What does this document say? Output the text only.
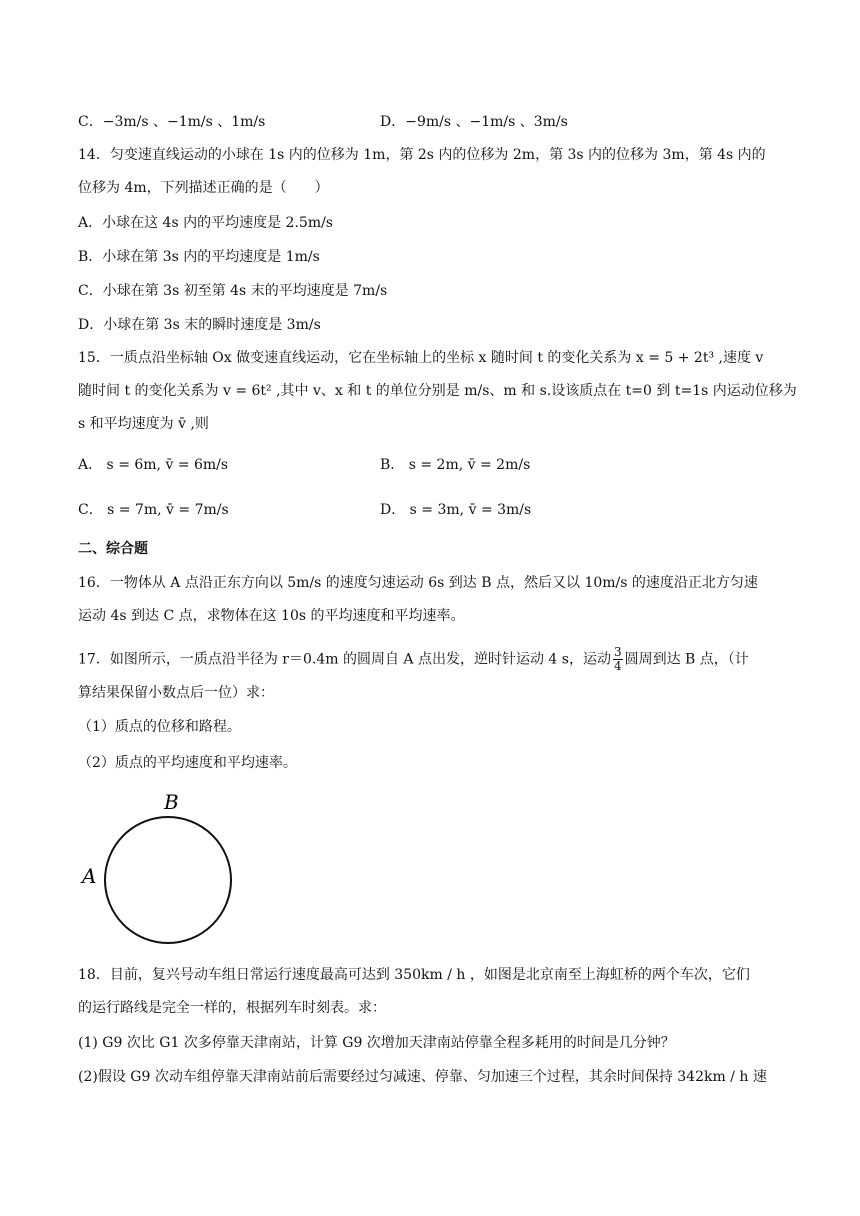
C．−3m/s 、−1m/s 、1m/s	D．−9m/s 、−1m/s 、3m/s
14．匀变速直线运动的小球在 1s 内的位移为 1m，第 2s 内的位移为 2m，第 3s 内的位移为 3m，第 4s 内的
位移为 4m，下列描述正确的是（　　）
A．小球在这 4s 内的平均速度是 2.5m/s
B．小球在第 3s 内的平均速度是 1m/s
C．小球在第 3s 初至第 4s 末的平均速度是 7m/s
D．小球在第 3s 末的瞬时速度是 3m/s
15．一质点沿坐标轴 Ox 做变速直线运动，它在坐标轴上的坐标 x 随时间 t 的变化关系为 x = 5 + 2t³ ,速度 v
随时间 t 的变化关系为 v = 6t² ,其中 v、x 和 t 的单位分别是 m/s、m 和 s.设该质点在 t=0 到 t=1s 内运动位移为
s 和平均速度为 v̄ ,则
A． s = 6m, v̄ = 6m/s	B． s = 2m, v̄ = 2m/s
C． s = 7m, v̄ = 7m/s	D． s = 3m, v̄ = 3m/s
二、综合题
16．一物体从 A 点沿正东方向以 5m/s 的速度匀速运动 6s 到达 B 点，然后又以 10m/s 的速度沿正北方匀速
运动 4s 到达 C 点，求物体在这 10s 的平均速度和平均速率。
17．如图所示，一质点沿半径为 r＝0.4m 的圆周自 A 点出发，逆时针运动 4 s，运动 $\frac{3}{4}$ 圆周到达 B 点，（计
算结果保留小数点后一位）求：
（1）质点的位移和路程。
（2）质点的平均速度和平均速率。
B
A
18．目前，复兴号动车组日常运行速度最高可达到 350km / h ，如图是北京南至上海虹桥的两个车次，它们
的运行路线是完全一样的，根据列车时刻表。求：
(1) G9 次比 G1 次多停靠天津南站，计算 G9 次增加天津南站停靠全程多耗用的时间是几分钟？
(2)假设 G9 次动车组停靠天津南站前后需要经过匀减速、停靠、匀加速三个过程，其余时间保持 342km / h 速
